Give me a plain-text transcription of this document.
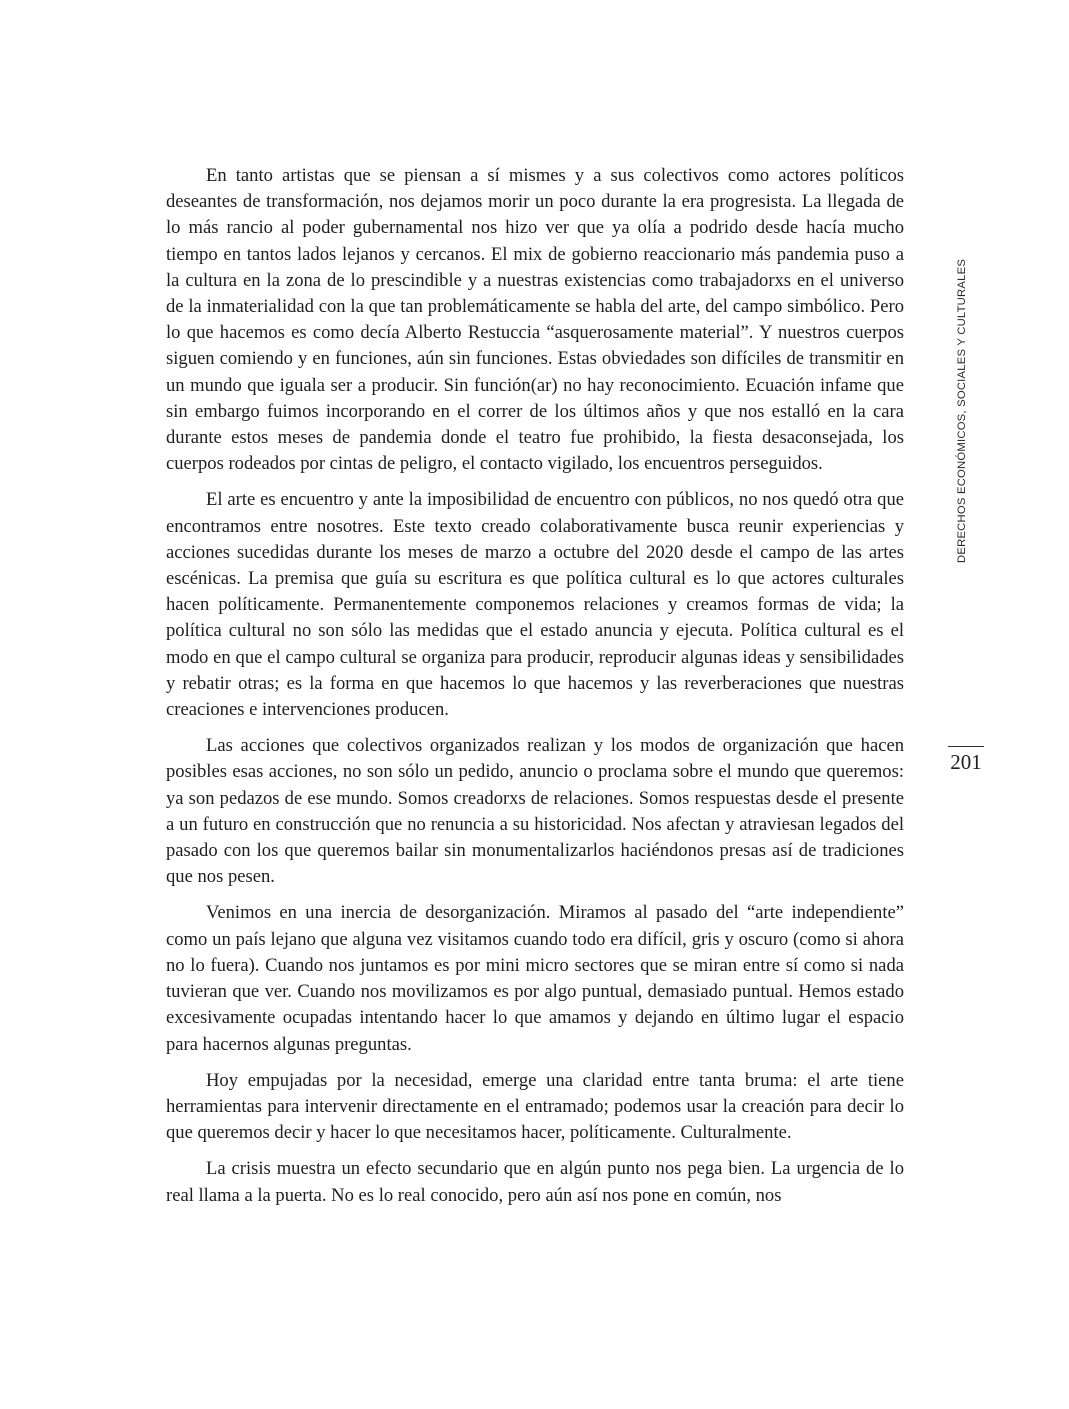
En tanto artistas que se piensan a sí mismes y a sus colectivos como actores políticos deseantes de transformación, nos dejamos morir un poco durante la era progresista. La llegada de lo más rancio al poder gubernamental nos hizo ver que ya olía a podrido desde hacía mucho tiempo en tantos lados lejanos y cercanos. El mix de gobierno reaccionario más pandemia puso a la cultura en la zona de lo prescindible y a nuestras existencias como trabajadorxs en el universo de la inmaterialidad con la que tan problemáticamente se habla del arte, del campo simbólico. Pero lo que hacemos es como decía Alberto Restuccia “asquerosamente material”. Y nuestros cuerpos siguen comiendo y en funciones, aún sin funciones. Estas obviedades son difíciles de transmitir en un mundo que iguala ser a producir. Sin función(ar) no hay reconocimiento. Ecuación infame que sin embargo fuimos incorporando en el correr de los últimos años y que nos estalló en la cara durante estos meses de pandemia donde el teatro fue prohibido, la fiesta desaconsejada, los cuerpos rodeados por cintas de peligro, el contacto vigilado, los encuentros perseguidos.

El arte es encuentro y ante la imposibilidad de encuentro con públicos, no nos quedó otra que encontramos entre nosotres. Este texto creado colaborativamente busca reunir experiencias y acciones sucedidas durante los meses de marzo a octubre del 2020 desde el campo de las artes escénicas. La premisa que guía su escritura es que política cultural es lo que actores culturales hacen políticamente. Permanentemente componemos relaciones y creamos formas de vida; la política cultural no son sólo las medidas que el estado anuncia y ejecuta. Política cultural es el modo en que el campo cultural se organiza para producir, reproducir algunas ideas y sensibilidades y rebatir otras; es la forma en que hacemos lo que hacemos y las reverberaciones que nuestras creaciones e intervenciones producen.

Las acciones que colectivos organizados realizan y los modos de organización que hacen posibles esas acciones, no son sólo un pedido, anuncio o proclama sobre el mundo que queremos: ya son pedazos de ese mundo. Somos creadorxs de relaciones. Somos respuestas desde el presente a un futuro en construcción que no renuncia a su historicidad. Nos afectan y atraviesan legados del pasado con los que queremos bailar sin monumentalizarlos haciéndonos presas así de tradiciones que nos pesen.

Venimos en una inercia de desorganización. Miramos al pasado del “arte independiente” como un país lejano que alguna vez visitamos cuando todo era difícil, gris y oscuro (como si ahora no lo fuera). Cuando nos juntamos es por mini micro sectores que se miran entre sí como si nada tuvieran que ver. Cuando nos movilizamos es por algo puntual, demasiado puntual. Hemos estado excesivamente ocupadas intentando hacer lo que amamos y dejando en último lugar el espacio para hacernos algunas preguntas.

Hoy empujadas por la necesidad, emerge una claridad entre tanta bruma: el arte tiene herramientas para intervenir directamente en el entramado; podemos usar la creación para decir lo que queremos decir y hacer lo que necesitamos hacer, políticamente. Culturalmente.

La crisis muestra un efecto secundario que en algún punto nos pega bien. La urgencia de lo real llama a la puerta. No es lo real conocido, pero aún así nos pone en común, nos

DERECHOS ECONÓMICOS, SOCIALES Y CULTURALES
201
